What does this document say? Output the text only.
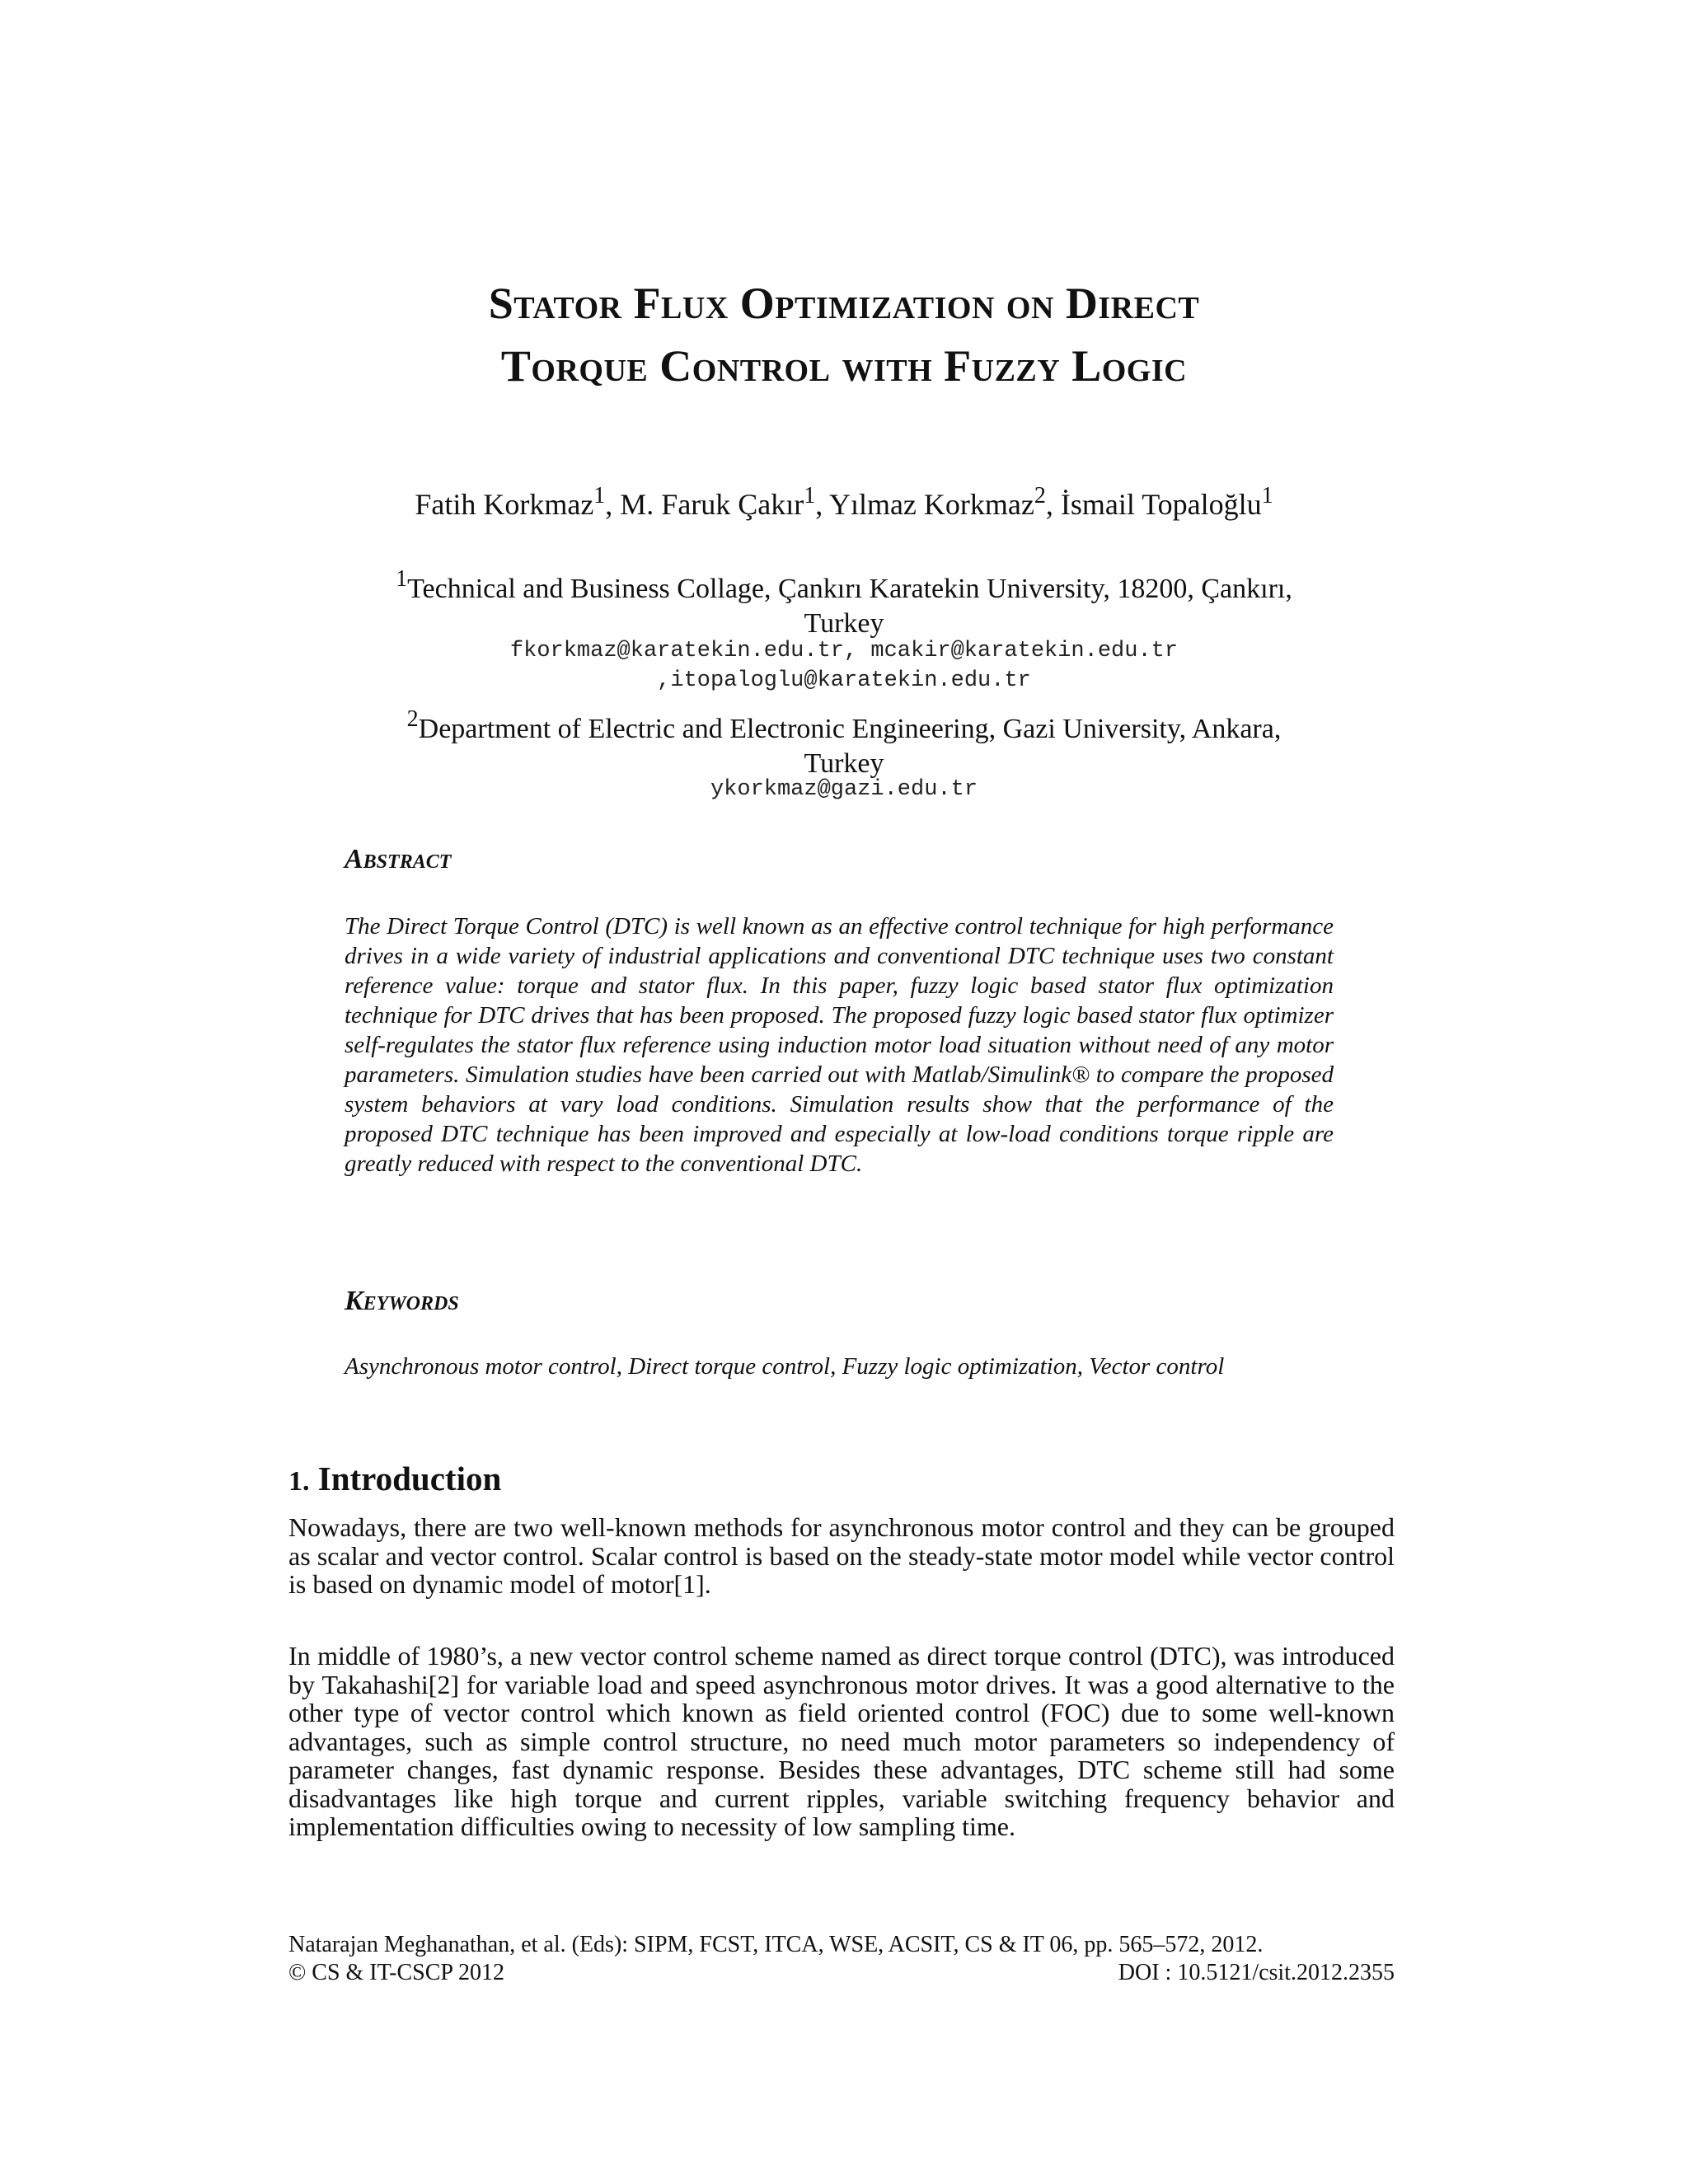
Stator Flux Optimization on Direct
Torque Control with Fuzzy Logic
Fatih Korkmaz$^1$, M. Faruk Çakır$^1$, Yılmaz Korkmaz$^2$, İsmail Topaloğlu$^1$
$^1$Technical and Business Collage, Çankırı Karatekin University, 18200, Çankırı,
Turkey
fkorkmaz@karatekin.edu.tr, mcakir@karatekin.edu.tr
,itopaloglu@karatekin.edu.tr
$^2$Department of Electric and Electronic Engineering, Gazi University, Ankara,
Turkey
ykorkmaz@gazi.edu.tr
Abstract
The Direct Torque Control (DTC) is well known as an effective control technique for high performance drives in a wide variety of industrial applications and conventional DTC technique uses two constant reference value: torque and stator flux. In this paper, fuzzy logic based stator flux optimization technique for DTC drives that has been proposed. The proposed fuzzy logic based stator flux optimizer self-regulates the stator flux reference using induction motor load situation without need of any motor parameters. Simulation studies have been carried out with Matlab/Simulink® to compare the proposed system behaviors at vary load conditions. Simulation results show that the performance of the proposed DTC technique has been improved and especially at low-load conditions torque ripple are greatly reduced with respect to the conventional DTC.
Keywords
Asynchronous motor control, Direct torque control, Fuzzy logic optimization, Vector control
1. Introduction
Nowadays, there are two well-known methods for asynchronous motor control and they can be grouped as scalar and vector control. Scalar control is based on the steady-state motor model while vector control is based on dynamic model of motor[1].
In middle of 1980’s, a new vector control scheme named as direct torque control (DTC), was introduced by Takahashi[2] for variable load and speed asynchronous motor drives. It was a good alternative to the other type of vector control which known as field oriented control (FOC) due to some well-known advantages, such as simple control structure, no need much motor parameters so independency of parameter changes, fast dynamic response. Besides these advantages, DTC scheme still had some disadvantages like high torque and current ripples, variable switching frequency behavior and implementation difficulties owing to necessity of low sampling time.
Natarajan Meghanathan, et al. (Eds): SIPM, FCST, ITCA, WSE, ACSIT, CS & IT 06, pp. 565–572, 2012.
© CS & IT-CSCP 2012	DOI : 10.5121/csit.2012.2355
